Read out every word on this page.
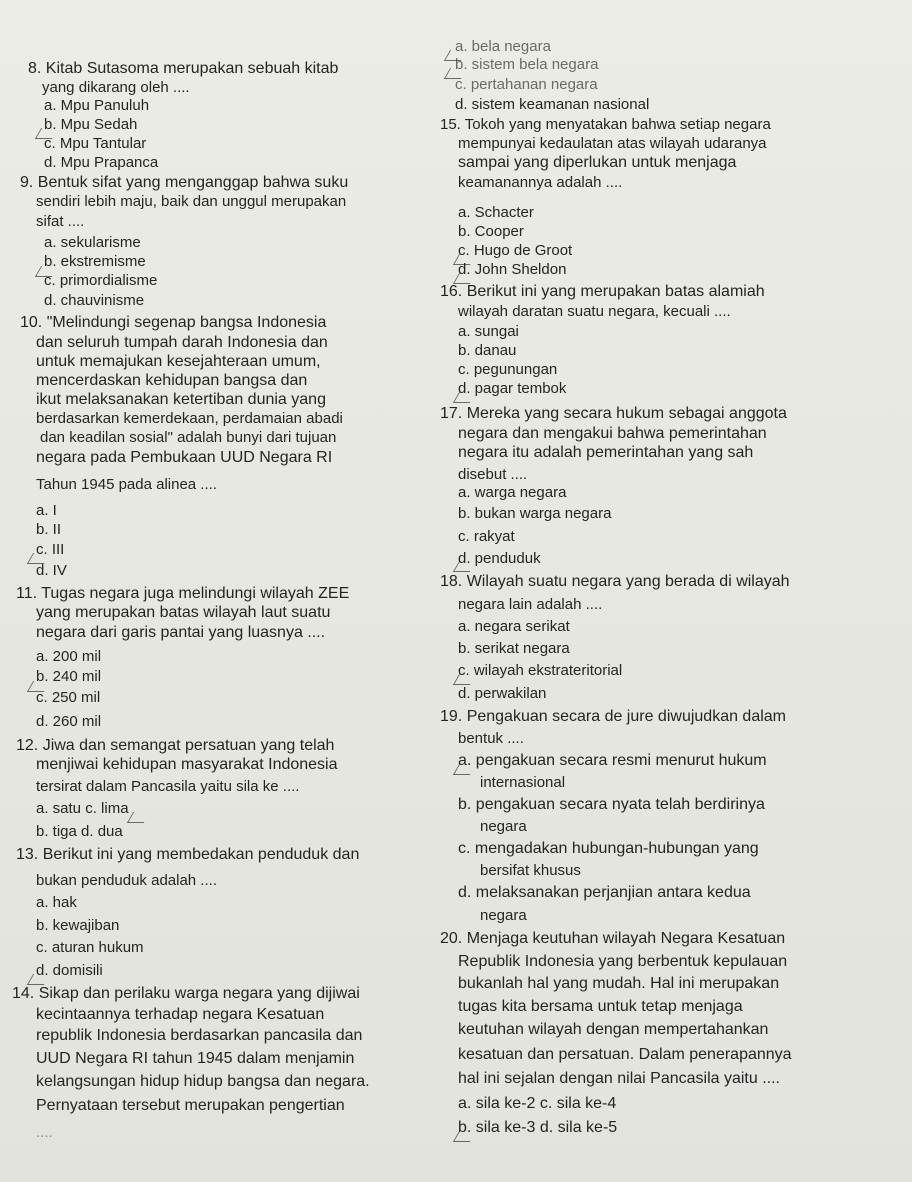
8. Kitab Sutasoma merupakan sebuah kitab
yang dikarang oleh ....
a. Mpu Panuluh
b. Mpu Sedah
c. Mpu Tantular
d. Mpu Prapanca
9. Bentuk sifat yang menganggap bahwa suku
sendiri lebih maju, baik dan unggul merupakan
sifat ....
a. sekularisme
b. ekstremisme
c. primordialisme
d. chauvinisme
10. "Melindungi segenap bangsa Indonesia
dan seluruh tumpah darah Indonesia dan
untuk memajukan kesejahteraan umum,
mencerdaskan kehidupan bangsa dan
ikut melaksanakan ketertiban dunia yang
berdasarkan kemerdekaan, perdamaian abadi
dan keadilan sosial" adalah bunyi dari tujuan
negara pada Pembukaan UUD Negara RI
Tahun 1945 pada alinea ....
a. I
b. II
c. III
d. IV
11. Tugas negara juga melindungi wilayah ZEE
yang merupakan batas wilayah laut suatu
negara dari garis pantai yang luasnya ....
a. 200 mil
b. 240 mil
c. 250 mil
d. 260 mil
12. Jiwa dan semangat persatuan yang telah
menjiwai kehidupan masyarakat Indonesia
tersirat dalam Pancasila yaitu sila ke ....
a. satu c. lima
b. tiga d. dua
13. Berikut ini yang membedakan penduduk dan
bukan penduduk adalah ....
a. hak
b. kewajiban
c. aturan hukum
d. domisili
14. Sikap dan perilaku warga negara yang dijiwai
kecintaannya terhadap negara Kesatuan
republik Indonesia berdasarkan pancasila dan
UUD Negara RI tahun 1945 dalam menjamin
kelangsungan hidup hidup bangsa dan negara.
Pernyataan tersebut merupakan pengertian
....
a. bela negara
b. sistem bela negara
c. pertahanan negara
d. sistem keamanan nasional
15. Tokoh yang menyatakan bahwa setiap negara
mempunyai kedaulatan atas wilayah udaranya
sampai yang diperlukan untuk menjaga
keamanannya adalah ....
a. Schacter
b. Cooper
c. Hugo de Groot
d. John Sheldon
16. Berikut ini yang merupakan batas alamiah
wilayah daratan suatu negara, kecuali ....
a. sungai
b. danau
c. pegunungan
d. pagar tembok
17. Mereka yang secara hukum sebagai anggota
negara dan mengakui bahwa pemerintahan
negara itu adalah pemerintahan yang sah
disebut ....
a. warga negara
b. bukan warga negara
c. rakyat
d. penduduk
18. Wilayah suatu negara yang berada di wilayah
negara lain adalah ....
a. negara serikat
b. serikat negara
c. wilayah ekstrateritorial
d. perwakilan
19. Pengakuan secara de jure diwujudkan dalam
bentuk ....
a. pengakuan secara resmi menurut hukum
internasional
b. pengakuan secara nyata telah berdirinya
negara
c. mengadakan hubungan-hubungan yang
bersifat khusus
d. melaksanakan perjanjian antara kedua
negara
20. Menjaga keutuhan wilayah Negara Kesatuan
Republik Indonesia yang berbentuk kepulauan
bukanlah hal yang mudah. Hal ini merupakan
tugas kita bersama untuk tetap menjaga
keutuhan wilayah dengan mempertahankan
kesatuan dan persatuan. Dalam penerapannya
hal ini sejalan dengan nilai Pancasila yaitu ....
a. sila ke-2 c. sila ke-4
b. sila ke-3 d. sila ke-5
